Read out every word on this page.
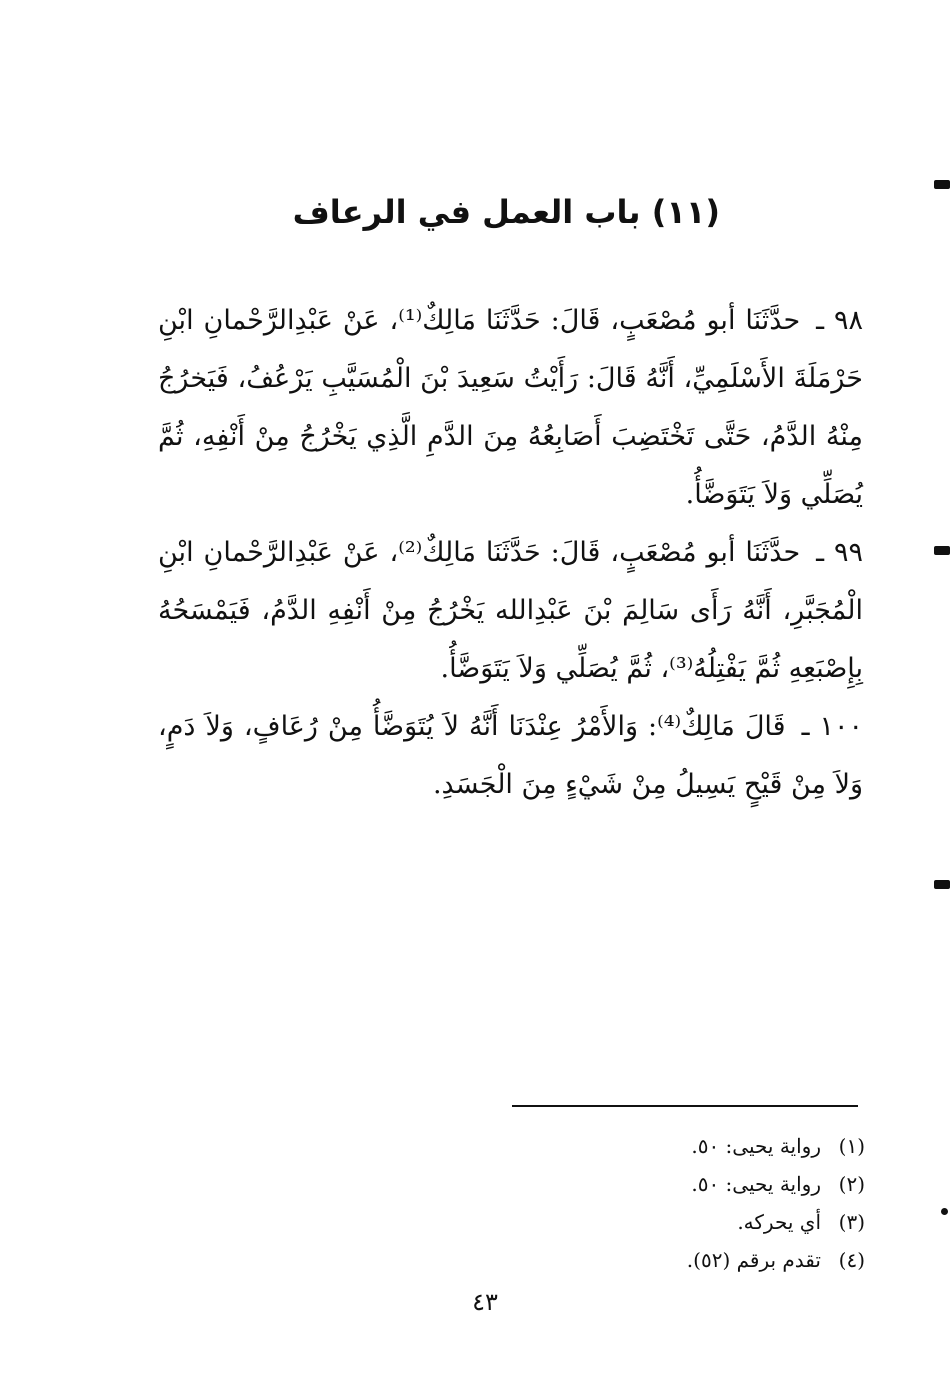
(١١) باب العمل في الرعاف

٩٨ ـ حدَّثَنَا أبو مُصْعَبٍ، قَالَ: حَدَّثَنَا مَالِكٌ⁽¹⁾، عَنْ عَبْدِالرَّحْمانِ ابْنِ حَرْمَلَةَ الأَسْلَمِيِّ، أَنَّهُ قَالَ: رَأَيْتُ سَعِيدَ بْنَ الْمُسَيَّبِ يَرْعُفُ، فَيَخرُجُ مِنْهُ الدَّمُ، حَتَّى تَخْتَضِبَ أَصَابِعُهُ مِنَ الدَّمِ الَّذِي يَخْرُجُ مِنْ أَنْفِهِ، ثُمَّ يُصَلِّي وَلاَ يَتَوَضَّأُ.

٩٩ ـ حدَّثَنَا أبو مُصْعَبٍ، قَالَ: حَدَّثَنَا مَالِكٌ⁽²⁾، عَنْ عَبْدِالرَّحْمانِ ابْنِ الْمُجَبَّرِ، أَنَّهُ رَأَى سَالِمَ بْنَ عَبْدِالله يَخْرُجُ مِنْ أَنْفِهِ الدَّمُ، فَيَمْسَحُهُ بِإِصْبَعِهِ ثُمَّ يَفْتِلُهُ⁽³⁾، ثُمَّ يُصَلِّي وَلاَ يَتَوَضَّأُ.

١٠٠ ـ قَالَ مَالِكٌ⁽⁴⁾: وَالأَمْرُ عِنْدَنَا أَنَّهُ لاَ يُتَوَضَّأُ مِنْ رُعَافٍ، وَلاَ دَمٍ، وَلاَ مِنْ قَيْحٍ يَسِيلُ مِنْ شَيْءٍ مِنَ الْجَسَدِ.

(١)
رواية يحيى: ٥٠.
(٢)
رواية يحيى: ٥٠.
(٣)
أي يحركه.
(٤)
تقدم برقم (٥٢).
٤٣
